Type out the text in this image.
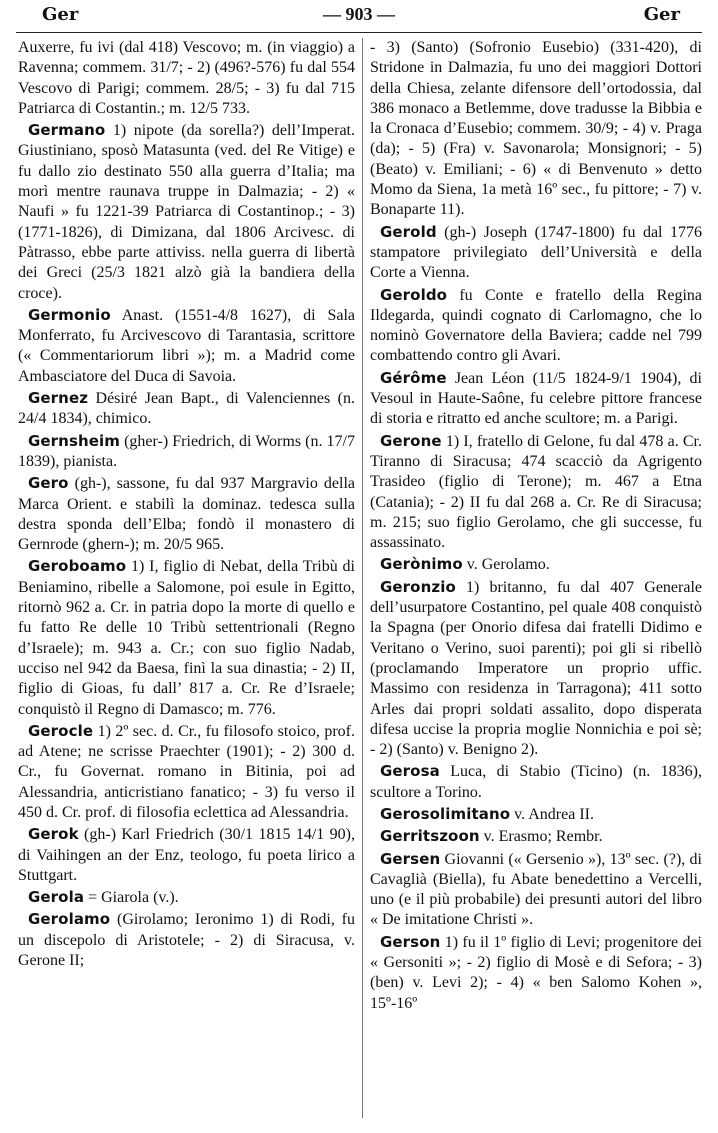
Ger	— 903 —	Ger
Auxerre, fu ivi (dal 418) Vescovo; m. (in viaggio) a Ravenna; commem. 31/7; - 2) (496?-576) fu dal 554 Vescovo di Parigi; commem. 28/5; - 3) fu dal 715 Patriarca di Costantin.; m. 12/5 733.
Germano 1) nipote (da sorella?) dell’Imperat. Giustiniano, sposò Matasunta (ved. del Re Vitige) e fu dallo zio destinato 550 alla guerra d’Italia; ma morì mentre raunava truppe in Dalmazia; - 2) « Naufi » fu 1221-39 Patriarca di Costantinop.; - 3) (1771-1826), di Dimizana, dal 1806 Arcivesc. di Pàtrasso, ebbe parte attiviss. nella guerra di libertà dei Greci (25/3 1821 alzò già la bandiera della croce).
Germonio Anast. (1551-4/8 1627), di Sala Monferrato, fu Arcivescovo di Tarantasia, scrittore (« Commentariorum libri »); m. a Madrid come Ambasciatore del Duca di Savoia.
Gernez Désiré Jean Bapt., di Valenciennes (n. 24/4 1834), chimico.
Gernsheim (gher-) Friedrich, di Worms (n. 17/7 1839), pianista.
Gero (gh-), sassone, fu dal 937 Margravio della Marca Orient. e stabilì la dominaz. tedesca sulla destra sponda dell’Elba; fondò il monastero di Gernrode (ghern-); m. 20/5 965.
Geroboamo 1) I, figlio di Nebat, della Tribù di Beniamino, ribelle a Salomone, poi esule in Egitto, ritornò 962 a. Cr. in patria dopo la morte di quello e fu fatto Re delle 10 Tribù settentrionali (Regno d’Israele); m. 943 a. Cr.; con suo figlio Nadab, ucciso nel 942 da Baesa, finì la sua dinastia; - 2) II, figlio di Gioas, fu dall’ 817 a. Cr. Re d’Israele; conquistò il Regno di Damasco; m. 776.
Gerocle 1) 2º sec. d. Cr., fu filosofo stoico, prof. ad Atene; ne scrisse Praechter (1901); - 2) 300 d. Cr., fu Governat. romano in Bitinia, poi ad Alessandria, anticristiano fanatico; - 3) fu verso il 450 d. Cr. prof. di filosofia eclettica ad Alessandria.
Gerok (gh-) Karl Friedrich (30/1 1815 14/1 90), di Vaihingen an der Enz, teologo, fu poeta lirico a Stuttgart.
Gerola = Giarola (v.).
Gerolamo (Girolamo; Ieronimo 1) di Rodi, fu un discepolo di Aristotele; - 2) di Siracusa, v. Gerone II;
- 3) (Santo) (Sofronio Eusebio) (331-420), di Stridone in Dalmazia, fu uno dei maggiori Dottori della Chiesa, zelante difensore dell’ortodossia, dal 386 monaco a Betlemme, dove tradusse la Bibbia e la Cronaca d’Eusebio; commem. 30/9; - 4) v. Praga (da); - 5) (Fra) v. Savonarola; Monsignori; - 5) (Beato) v. Emiliani; - 6) « di Benvenuto » detto Momo da Siena, 1a metà 16º sec., fu pittore; - 7) v. Bonaparte 11).
Gerold (gh-) Joseph (1747-1800) fu dal 1776 stampatore privilegiato dell’Università e della Corte a Vienna.
Geroldo fu Conte e fratello della Regina Ildegarda, quindi cognato di Carlomagno, che lo nominò Governatore della Baviera; cadde nel 799 combattendo contro gli Avari.
Gérôme Jean Léon (11/5 1824-9/1 1904), di Vesoul in Haute-Saône, fu celebre pittore francese di storia e ritratto ed anche scultore; m. a Parigi.
Gerone 1) I, fratello di Gelone, fu dal 478 a. Cr. Tiranno di Siracusa; 474 scacciò da Agrigento Trasideo (figlio di Terone); m. 467 a Etna (Catania); - 2) II fu dal 268 a. Cr. Re di Siracusa; m. 215; suo figlio Gerolamo, che gli successe, fu assassinato.
Gerònimo v. Gerolamo.
Geronzio 1) britanno, fu dal 407 Generale dell’usurpatore Costantino, pel quale 408 conquistò la Spagna (per Onorio difesa dai fratelli Didimo e Veritano o Verino, suoi parenti); poi gli si ribellò (proclamando Imperatore un proprio uffic. Massimo con residenza in Tarragona); 411 sotto Arles dai propri soldati assalito, dopo disperata difesa uccise la propria moglie Nonnichia e poi sè; - 2) (Santo) v. Benigno 2).
Gerosa Luca, di Stabio (Ticino) (n. 1836), scultore a Torino.
Gerosolimitano v. Andrea II.
Gerritszoon v. Erasmo; Rembr.
Gersen Giovanni (« Gersenio »), 13º sec. (?), di Cavaglià (Biella), fu Abate benedettino a Vercelli, uno (e il più probabile) dei presunti autori del libro « De imitatione Christi ».
Gerson 1) fu il 1º figlio di Levi; progenitore dei « Gersoniti »; - 2) figlio di Mosè e di Sefora; - 3) (ben) v. Levi 2); - 4) « ben Salomo Kohen », 15º-16º
